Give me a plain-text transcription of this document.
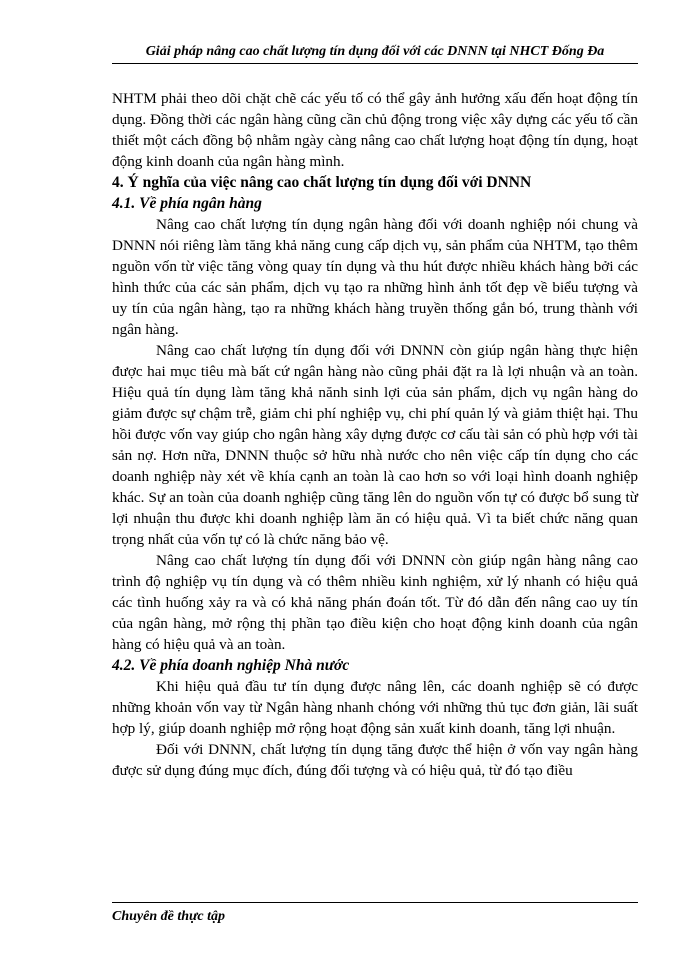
Giải pháp nâng cao chất lượng tín dụng đối với các DNNN tại NHCT Đống Đa

NHTM phải theo dõi chặt chẽ các yếu tố có thể gây ảnh hưởng xấu đến hoạt động tín dụng. Đồng thời các ngân hàng cũng cần chủ động trong việc xây dựng các yếu tố cần thiết một cách đồng bộ nhằm ngày càng nâng cao chất lượng hoạt động tín dụng, hoạt động kinh doanh của ngân hàng mình.

4. Ý nghĩa của việc nâng cao chất lượng tín dụng đối với DNNN

4.1. Về phía ngân hàng

Nâng cao chất lượng tín dụng ngân hàng đối với doanh nghiệp nói chung và DNNN nói riêng làm tăng khả năng cung cấp dịch vụ, sản phẩm của NHTM, tạo thêm nguồn vốn từ việc tăng vòng quay tín dụng và thu hút được nhiều khách hàng bởi các hình thức của các sản phẩm, dịch vụ tạo ra những hình ảnh tốt đẹp về biểu tượng và uy tín của ngân hàng, tạo ra những khách hàng truyền thống gắn bó, trung thành với ngân hàng.

Nâng cao chất lượng tín dụng đối với DNNN còn giúp ngân hàng thực hiện được hai mục tiêu mà bất cứ ngân hàng nào cũng phải đặt ra là lợi nhuận và an toàn. Hiệu quả tín dụng làm tăng khả nănh sinh lợi của sản phẩm, dịch vụ ngân hàng do giảm được sự chậm trễ, giảm chi phí nghiệp vụ, chi phí quản lý và giảm thiệt hại. Thu hồi được vốn vay giúp cho ngân hàng xây dựng được cơ cấu tài sản có phù hợp với tài sản nợ. Hơn nữa, DNNN thuộc sở hữu nhà nước cho nên việc cấp tín dụng cho các doanh nghiệp này xét về khía cạnh an toàn là cao hơn so với loại hình doanh nghiệp khác. Sự an toàn của doanh nghiệp cũng tăng lên do nguồn vốn tự có được bổ sung từ lợi nhuận thu được khi doanh nghiệp làm ăn có hiệu quả. Vì ta biết chức năng quan trọng nhất của vốn tự có là chức năng bảo vệ.

Nâng cao chất lượng tín dụng đối với DNNN còn giúp ngân hàng nâng cao trình độ nghiệp vụ tín dụng và có thêm nhiều kinh nghiệm, xử lý nhanh có hiệu quả các tình huống xảy ra và có khả năng phán đoán tốt. Từ đó dẫn đến nâng cao uy tín của ngân hàng, mở rộng thị phần tạo điều kiện cho hoạt động kinh doanh của ngân hàng có hiệu quả và an toàn.

4.2. Về phía doanh nghiệp Nhà nước

Khi hiệu quả đầu tư tín dụng được nâng lên, các doanh nghiệp sẽ có được những khoản vốn vay từ Ngân hàng nhanh chóng với những thủ tục đơn giản, lãi suất hợp lý, giúp doanh nghiệp mở rộng hoạt động sản xuất kinh doanh, tăng lợi nhuận.

Đối với DNNN, chất lượng tín dụng tăng được thể hiện ở vốn vay ngân hàng được sử dụng đúng mục đích, đúng đối tượng và có hiệu quả, từ đó tạo điều

Chuyên đề thực tập
